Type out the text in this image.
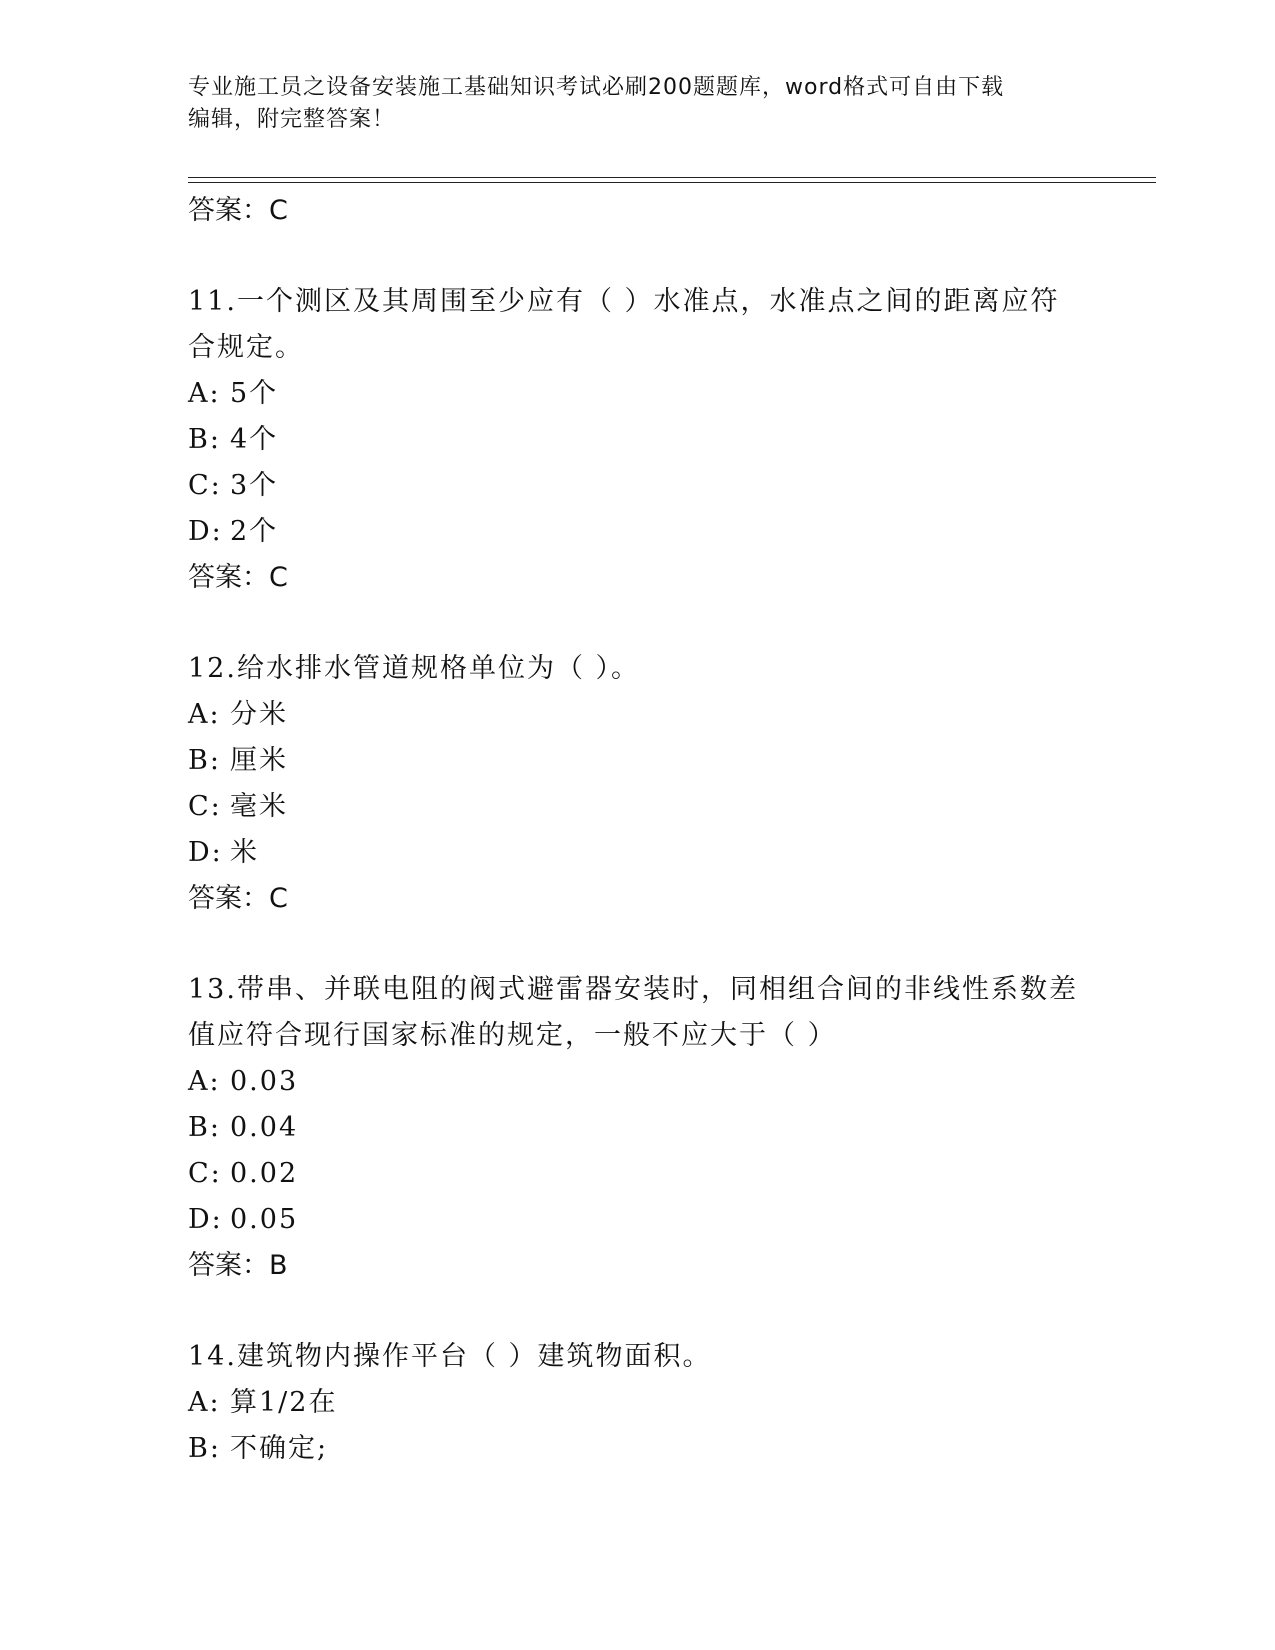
专业施工员之设备安装施工基础知识考试必刷200题题库，word格式可自由下载
编辑，附完整答案！
答案：C
11.一个测区及其周围至少应有（ ）水准点，水准点之间的距离应符
合规定。
A: 5个
B: 4个
C: 3个
D: 2个
答案：C
12.给水排水管道规格单位为（ ）。
A: 分米
B: 厘米
C: 毫米
D: 米
答案：C
13.带串、并联电阻的阀式避雷器安装时，同相组合间的非线性系数差
值应符合现行国家标准的规定，一般不应大于（ ）
A: 0.03
B: 0.04
C: 0.02
D: 0.05
答案：B
14.建筑物内操作平台（ ）建筑物面积。
A: 算1/2在
B: 不确定;
